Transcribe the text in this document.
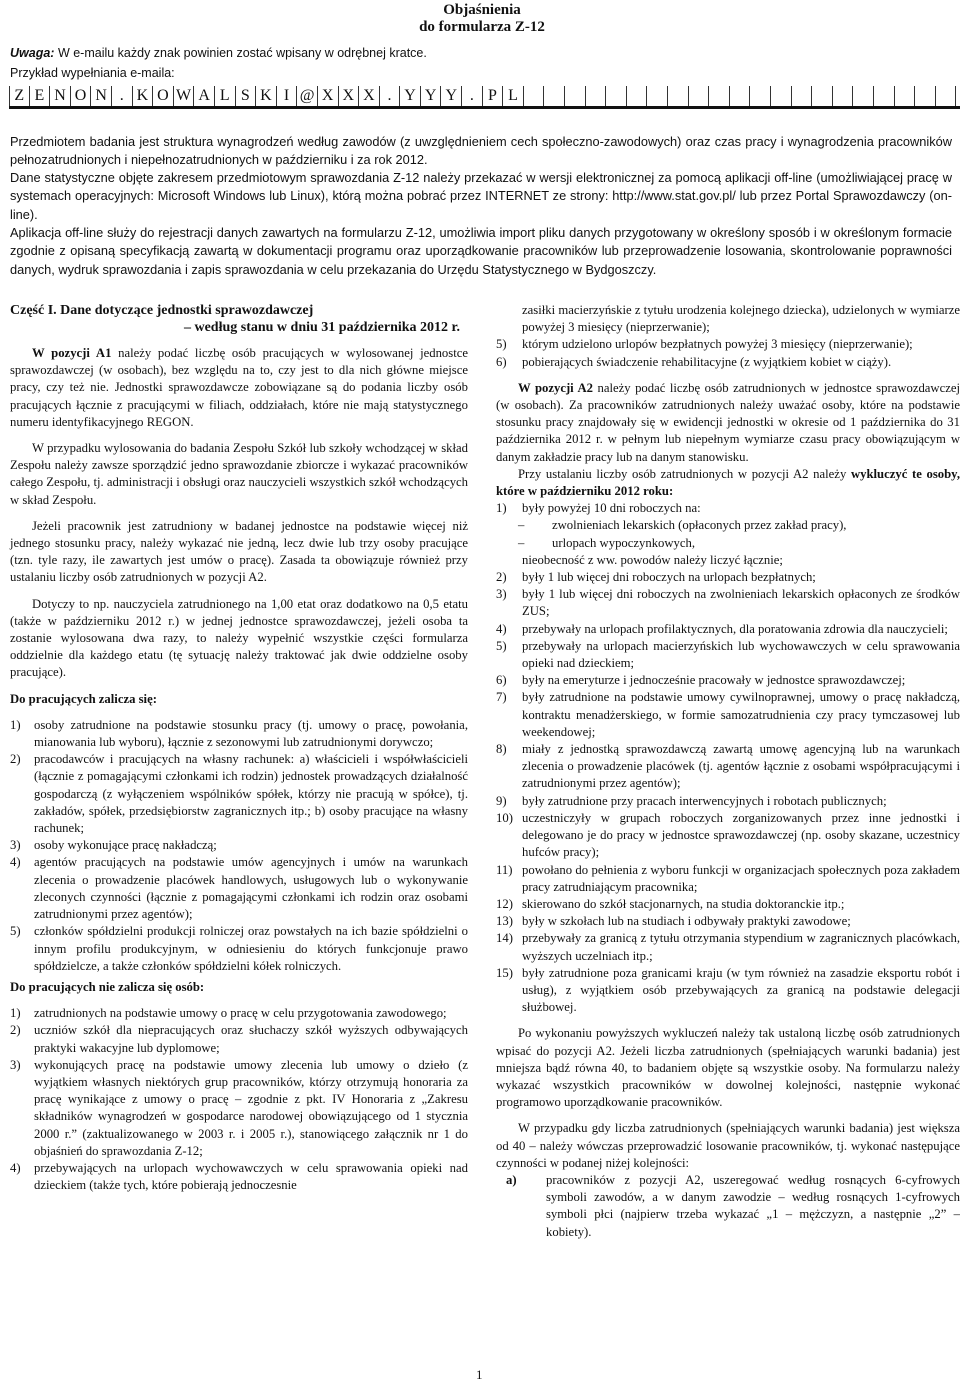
Objaśnienia
do formularza Z-12
Uwaga: W e-mailu każdy znak powinien zostać wpisany w odrębnej kratce.
Przykład wypełniania e-maila:
Z E N O N . K O W A L S K I @ X X X . Y Y Y . P L

Przedmiotem badania jest struktura wynagrodzeń według zawodów (z uwzględnieniem cech społeczno-zawodowych) oraz czas pracy i wynagrodzenia pracowników pełnozatrudnionych i niepełnozatrudnionych w październiku i za rok 2012.

Dane statystyczne objęte zakresem przedmiotowym sprawozdania Z-12 należy przekazać w wersji elektronicznej za pomocą aplikacji off-line (umożliwiającej pracę w systemach operacyjnych: Microsoft Windows lub Linux), którą można pobrać przez INTERNET ze strony: http://www.stat.gov.pl/ lub przez Portal Sprawozdawczy (on-line).

Aplikacja off-line służy do rejestracji danych zawartych na formularzu Z-12, umożliwia import pliku danych przygotowany w określony sposób i w określonym formacie zgodnie z opisaną specyfikacją zawartą w dokumentacji programu oraz uporządkowanie pracowników lub przeprowadzenie losowania, skontrolowanie poprawności danych, wydruk sprawozdania i zapis sprawozdania w celu przekazania do Urzędu Statystycznego w Bydgoszczy.

Część I. Dane dotyczące jednostki sprawozdawczej
– według stanu w dniu 31 października 2012 r.

W pozycji A1 należy podać liczbę osób pracujących w wylosowanej jednostce sprawozdawczej (w osobach), bez względu na to, czy jest to dla nich główne miejsce pracy, czy też nie. Jednostki sprawozdawcze zobowiązane są do podania liczby osób pracujących łącznie z pracującymi w filiach, oddziałach, które nie mają statystycznego numeru identyfikacyjnego REGON.

W przypadku wylosowania do badania Zespołu Szkół lub szkoły wchodzącej w skład Zespołu należy zawsze sporządzić jedno sprawozdanie zbiorcze i wykazać pracowników całego Zespołu, tj. administracji i obsługi oraz nauczycieli wszystkich szkół wchodzących w skład Zespołu.

Jeżeli pracownik jest zatrudniony w badanej jednostce na podstawie więcej niż jednego stosunku pracy, należy wykazać nie jedną, lecz dwie lub trzy osoby pracujące (tzn. tyle razy, ile zawartych jest umów o pracę). Zasada ta obowiązuje również przy ustalaniu liczby osób zatrudnionych w pozycji A2.

Dotyczy to np. nauczyciela zatrudnionego na 1,00 etat oraz dodatkowo na 0,5 etatu (także w październiku 2012 r.) w jednej jednostce sprawozdawczej, jeżeli osoba ta zostanie wylosowana dwa razy, to należy wypełnić wszystkie części formularza oddzielnie dla każdego etatu (tę sytuację należy traktować jak dwie oddzielne osoby pracujące).

Do pracujących zalicza się:

1)	osoby zatrudnione na podstawie stosunku pracy (tj. umowy o pracę, powołania, mianowania lub wyboru), łącznie z sezonowymi lub zatrudnionymi dorywczo;
2)	pracodawców i pracujących na własny rachunek: a) właścicieli i współwłaścicieli (łącznie z pomagającymi członkami ich rodzin) jednostek prowadzących działalność gospodarczą (z wyłączeniem wspólników spółek, którzy nie pracują w spółce), tj. zakładów, spółek, przedsiębiorstw zagranicznych itp.; b) osoby pracujące na własny rachunek;
3)	osoby wykonujące pracę nakładczą;
4)	agentów pracujących na podstawie umów agencyjnych i umów na warunkach zlecenia o prowadzenie placówek handlowych, usługowych lub o wykonywanie zleconych czynności (łącznie z pomagającymi członkami ich rodzin oraz osobami zatrudnionymi przez agentów);
5)	członków spółdzielni produkcji rolniczej oraz powstałych na ich bazie spółdzielni o innym profilu produkcyjnym, w odniesieniu do których funkcjonuje prawo spółdzielcze, a także członków spółdzielni kółek rolniczych.

Do pracujących nie zalicza się osób:

1)	zatrudnionych na podstawie umowy o pracę w celu przygotowania zawodowego;
2)	uczniów szkół dla niepracujących oraz słuchaczy szkół wyższych odbywających praktyki wakacyjne lub dyplomowe;
3)	wykonujących pracę na podstawie umowy zlecenia lub umowy o dzieło (z wyjątkiem własnych niektórych grup pracowników, którzy otrzymują honoraria za pracę wynikające z umowy o pracę – zgodnie z pkt. IV Honoraria z „Zakresu składników wynagrodzeń w gospodarce narodowej obowiązującego od 1 stycznia 2000 r.” (zaktualizowanego w 2003 r. i 2005 r.), stanowiącego załącznik nr 1 do objaśnień do sprawozdania Z-12;
4)	przebywających na urlopach wychowawczych w celu sprawowania opieki nad dzieckiem (także tych, które pobierają jednoczesnie

zasiłki macierzyńskie z tytułu urodzenia kolejnego dziecka), udzielonych w wymiarze powyżej 3 miesięcy (nieprzerwanie);

5)	którym udzielono urlopów bezpłatnych powyżej 3 miesięcy (nieprzerwanie);
6)	pobierających świadczenie rehabilitacyjne (z wyjątkiem kobiet w ciąży).

W pozycji A2 należy podać liczbę osób zatrudnionych w jednostce sprawozdawczej (w osobach). Za pracowników zatrudnionych należy uważać osoby, które na podstawie stosunku pracy znajdowały się w ewidencji jednostki w okresie od 1 października do 31 października 2012 r. w pełnym lub niepełnym wymiarze czasu pracy obowiązującym w danym zakładzie pracy lub na danym stanowisku.

Przy ustalaniu liczby osób zatrudnionych w pozycji A2 należy wykluczyć te osoby, które w październiku 2012 roku:

1)	były powyżej 10 dni roboczych na:
–	zwolnieniach lekarskich (opłaconych przez zakład pracy),
–	urlopach wypoczynkowych,

nieobecność z ww. powodów należy liczyć łącznie;

2)	były 1 lub więcej dni roboczych na urlopach bezpłatnych;
3)	były 1 lub więcej dni roboczych na zwolnieniach lekarskich opłaconych ze środków ZUS;
4)	przebywały na urlopach profilaktycznych, dla poratowania zdrowia dla nauczycieli;
5)	przebywały na urlopach macierzyńskich lub wychowawczych w celu sprawowania opieki nad dzieckiem;
6)	były na emeryturze i jednocześnie pracowały w jednostce sprawozdawczej;
7)	były zatrudnione na podstawie umowy cywilnoprawnej, umowy o pracę nakładczą, kontraktu menadżerskiego, w formie samozatrudnienia czy pracy tymczasowej lub weekendowej;
8)	miały z jednostką sprawozdawczą zawartą umowę agencyjną lub na warunkach zlecenia o prowadzenie placówek (tj. agentów łącznie z osobami współpracującymi i zatrudnionymi przez agentów);
9)	były zatrudnione przy pracach interwencyjnych i robotach publicznych;
10) uczestniczyły w grupach roboczych zorganizowanych przez inne jednostki i delegowano je do pracy w jednostce sprawozdawczej (np. osoby skazane, uczestnicy hufców pracy);
11) powołano do pełnienia z wyboru funkcji w organizacjach społecznych poza zakładem pracy zatrudniającym pracownika;
12) skierowano do szkół stacjonarnych, na studia doktoranckie itp.;
13) były w szkołach lub na studiach i odbywały praktyki zawodowe;
14) przebywały za granicą z tytułu otrzymania stypendium w zagranicznych placówkach, wyższych uczelniach itp.;
15) były zatrudnione poza granicami kraju (w tym również na zasadzie eksportu robót i usług), z wyjątkiem osób przebywających za granicą na podstawie delegacji służbowej.

Po wykonaniu powyższych wykluczeń należy tak ustaloną liczbę osób zatrudnionych wpisać do pozycji A2. Jeżeli liczba zatrudnionych (spełniających warunki badania) jest mniejsza bądź równa 40, to badaniem objęte są wszystkie osoby. Na formularzu należy wykazać wszystkich pracowników w dowolnej kolejności, następnie wykonać programowo uporządkowanie pracowników.

W przypadku gdy liczba zatrudnionych (spełniających warunki badania) jest większa od 40 – należy wówczas przeprowadzić losowanie pracowników, tj. wykonać następujące czynności w podanej niżej kolejności:

a)	pracowników z pozycji A2, uszeregować według rosnących 6-cyfrowych symboli zawodów, a w danym zawodzie – według rosnących 1-cyfrowych symboli płci (najpierw trzeba wykazać „1 – mężczyzn, a następnie „2” – kobiety).
1
